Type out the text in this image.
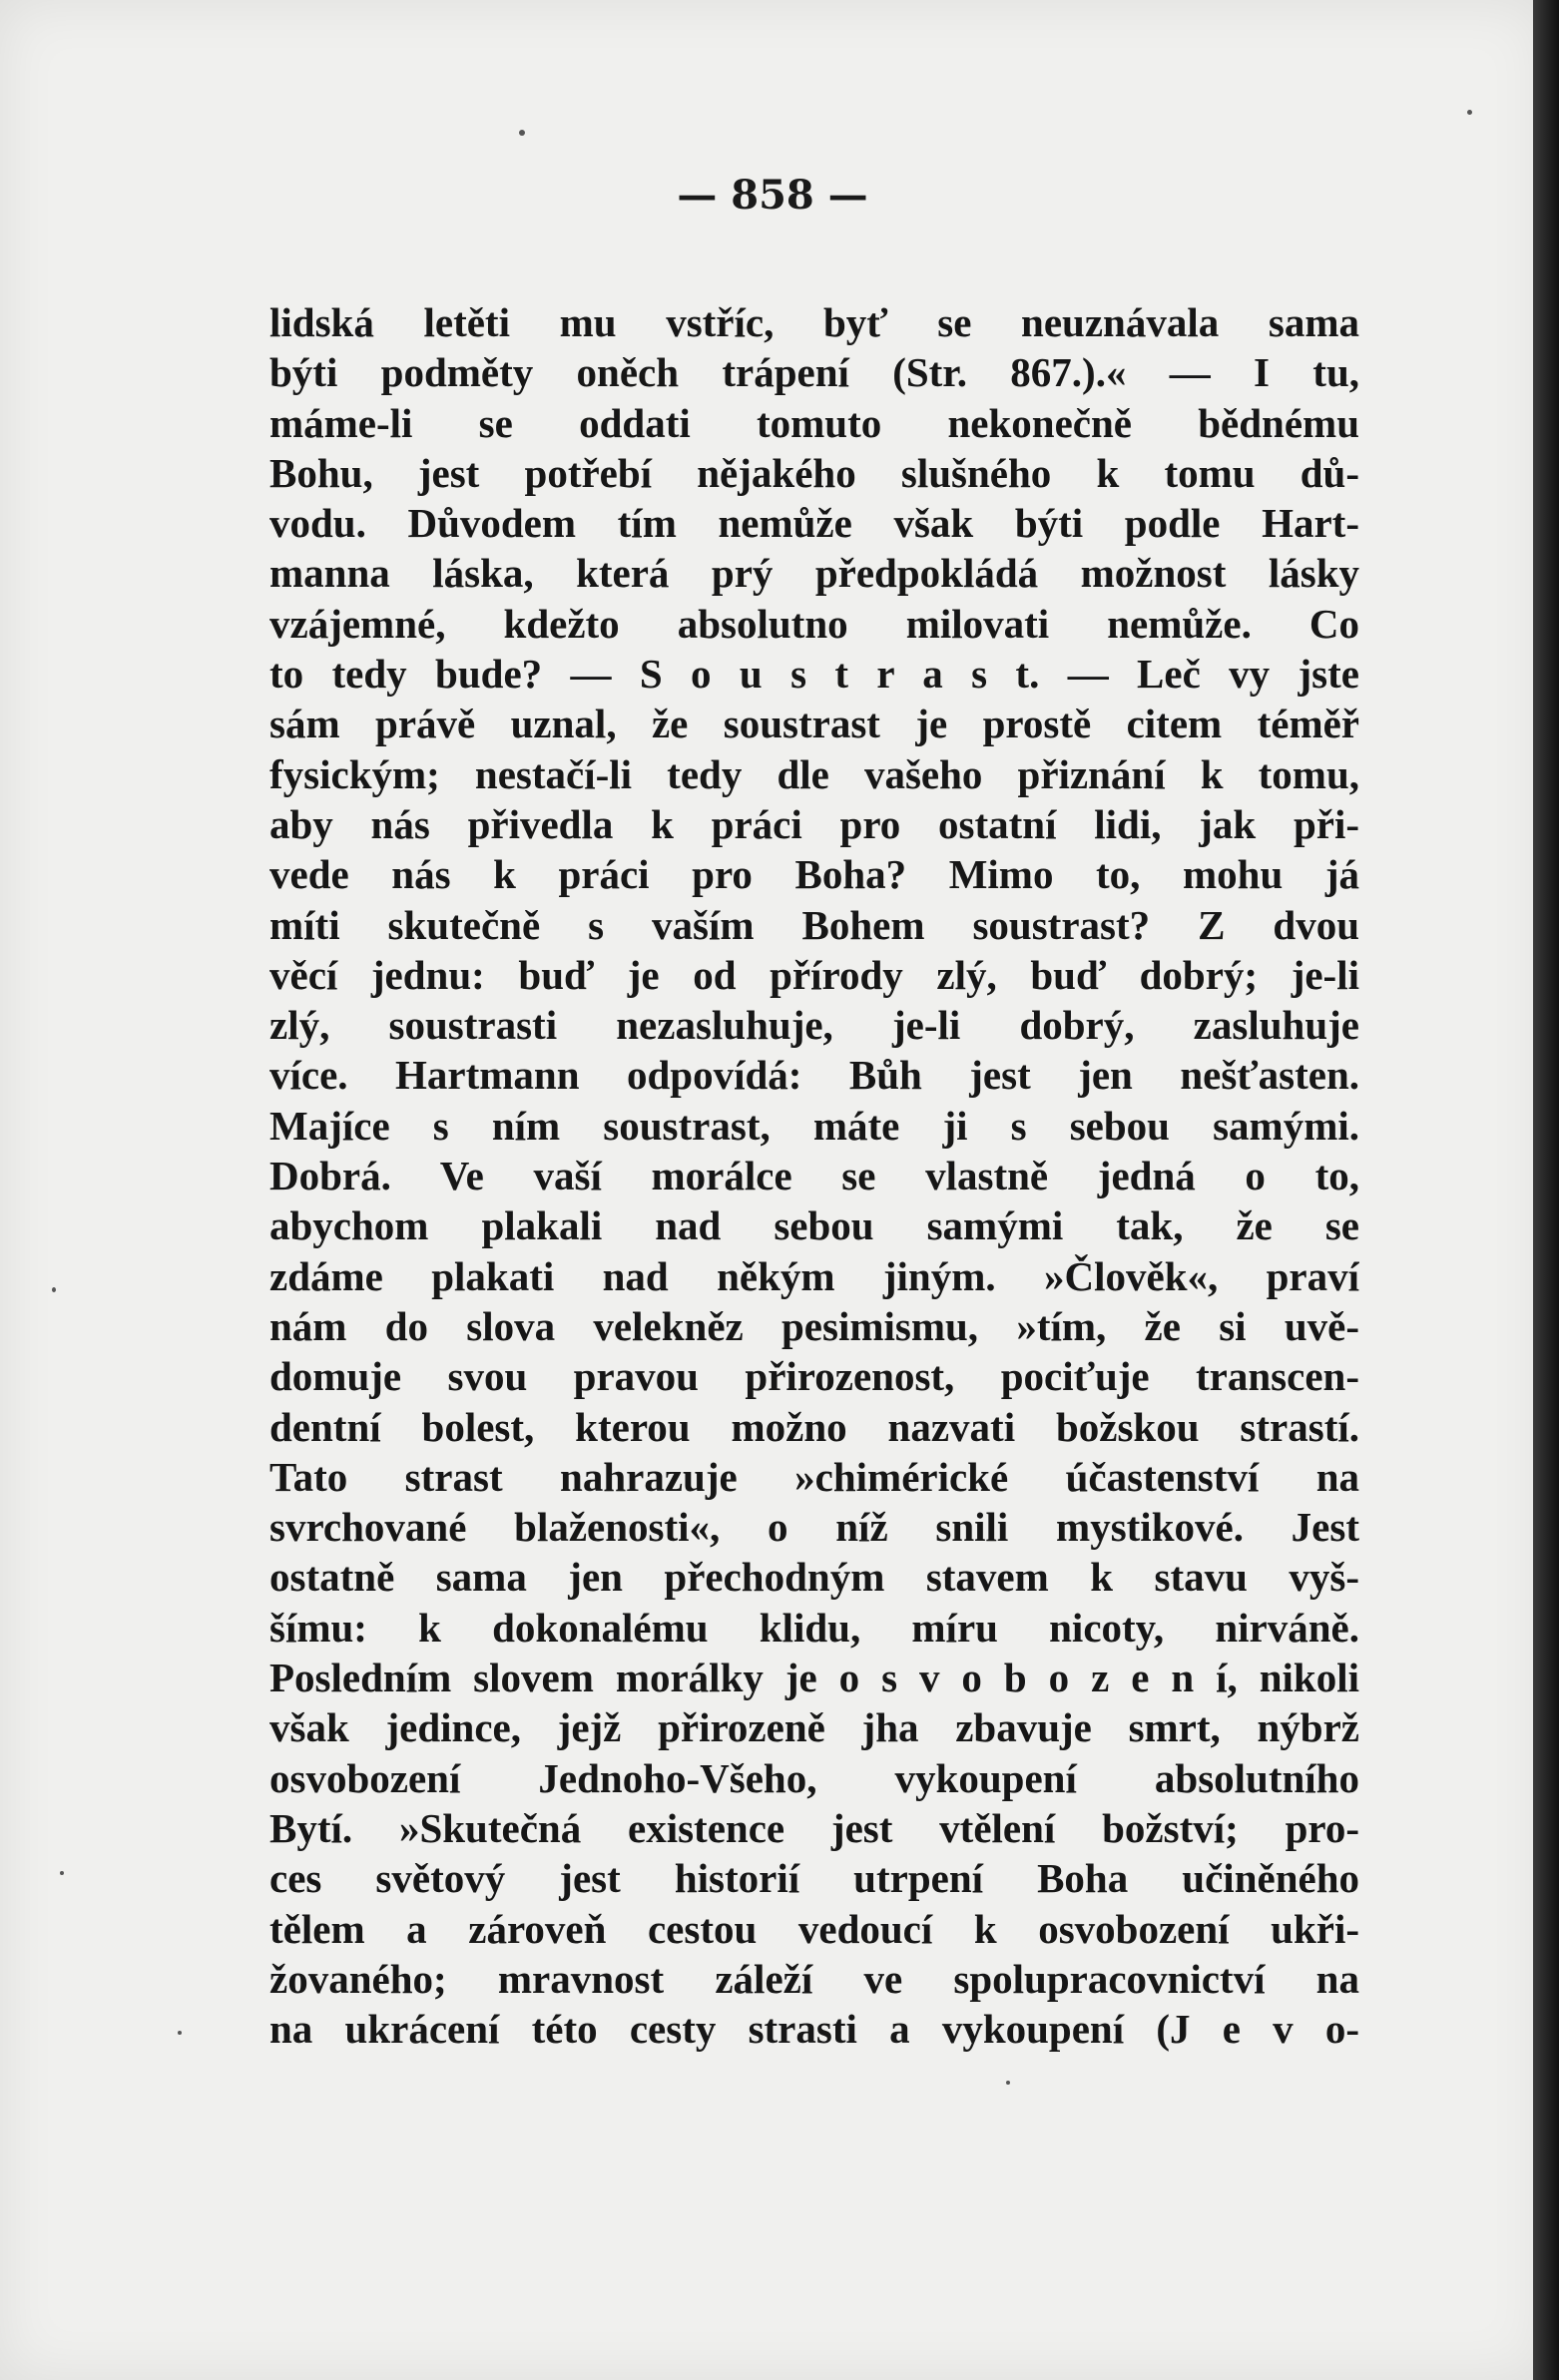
— 858 —
lidská letěti mu vstříc, byť se neuznávala sama
býti podměty oněch trápení (Str. 867.).« — I tu,
máme-li se oddati tomuto nekonečně bědnému
Bohu, jest potřebí nějakého slušného k tomu dů-
vodu. Důvodem tím nemůže však býti podle Hart-
manna láska, která prý předpokládá možnost lásky
vzájemné, kdežto absolutno milovati nemůže. Co
to tedy bude? — S o u s t r a s t. — Leč vy jste
sám právě uznal, že soustrast je prostě citem téměř
fysickým; nestačí-li tedy dle vašeho přiznání k tomu,
aby nás přivedla k práci pro ostatní lidi, jak při-
vede nás k práci pro Boha? Mimo to, mohu já
míti skutečně s vaším Bohem soustrast? Z dvou
věcí jednu: buď je od přírody zlý, buď dobrý; je-li
zlý, soustrasti nezasluhuje, je-li dobrý, zasluhuje
více. Hartmann odpovídá: Bůh jest jen nešťasten.
Majíce s ním soustrast, máte ji s sebou samými.
Dobrá. Ve vaší morálce se vlastně jedná o to,
abychom plakali nad sebou samými tak, že se
zdáme plakati nad někým jiným. »Člověk«, praví
nám do slova velekněz pesimismu, »tím, že si uvě-
domuje svou pravou přirozenost, pociťuje transcen-
dentní bolest, kterou možno nazvati božskou strastí.
Tato strast nahrazuje »chimérické účastenství na
svrchované blaženosti«, o níž snili mystikové. Jest
ostatně sama jen přechodným stavem k stavu vyš-
šímu: k dokonalému klidu, míru nicoty, nirváně.
Posledním slovem morálky je o s v o b o z e n í, nikoli
však jedince, jejž přirozeně jha zbavuje smrt, nýbrž
osvobození Jednoho-Všeho, vykoupení absolutního
Bytí. »Skutečná existence jest vtělení božství; pro-
ces světový jest historií utrpení Boha učiněného
tělem a zároveň cestou vedoucí k osvobození ukři-
žovaného; mravnost záleží ve spolupracovnictví na
na ukrácení této cesty strasti a vykoupení (J e v o-
